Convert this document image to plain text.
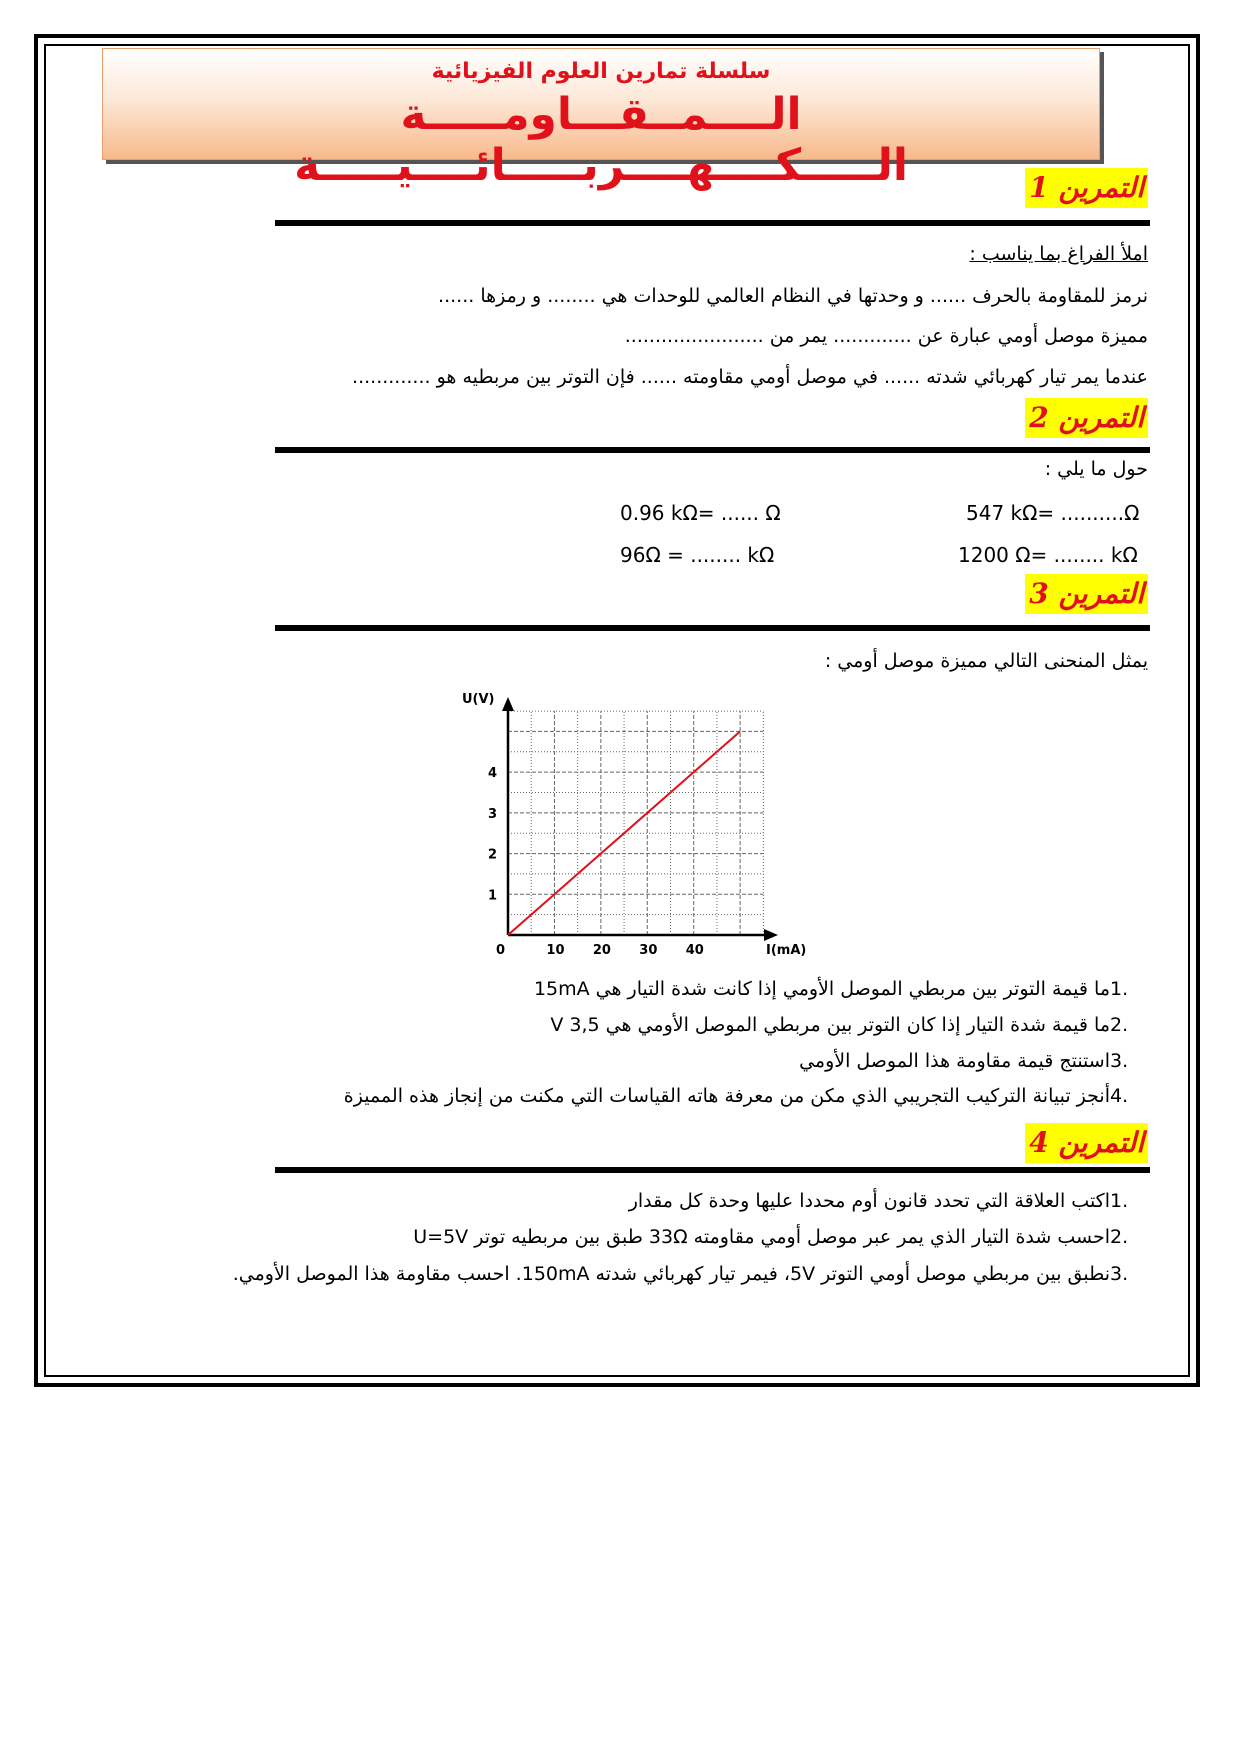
سلسلة تمارين العلوم الفيزيائية
الــــمــقـــاومـــــة الـــــكــــهــــربـــــائــــيـــــة	التمرين 1
املأ الفراغ بما يناسب :
نرمز للمقاومة بالحرف ...... و وحدتها في النظام العالمي للوحدات هي ........ و رمزها ......
مميزة موصل أومي عبارة عن ............. يمر من .......................
عندما يمر تيار كهربائي شدته ...... في موصل أومي مقاومته ...... فإن التوتر بين مربطيه هو .............
التمرين 2
حول ما يلي :
547 kΩ= ..........Ω
0.96 kΩ= ...... Ω
1200 Ω= ........ kΩ
96Ω = ........ kΩ
التمرين 3
يمثل المنحنى التالي مميزة موصل أومي :
U(V)
I(mA)
0	10 20 30 40
1
2
3
4
1.ما قيمة التوتر بين مربطي الموصل الأومي إذا كانت شدة التيار هي 15mA
2.ما قيمة شدة التيار إذا كان التوتر بين مربطي الموصل الأومي هي 3,5 V
3.استنتج قيمة مقاومة هذا الموصل الأومي
4.أنجز تبيانة التركيب التجريبي الذي مكن من معرفة هاته القياسات التي مكنت من إنجاز هذه المميزة
التمرين 4
1.اكتب العلاقة التي تحدد قانون أوم محددا عليها وحدة كل مقدار
2.احسب شدة التيار الذي يمر عبر موصل أومي مقاومته 33Ω طبق بين مربطيه توتر U=5V
3.نطبق بين مربطي موصل أومي التوتر 5V، فيمر تيار كهربائي شدته 150mA. احسب مقاومة هذا الموصل الأومي.
